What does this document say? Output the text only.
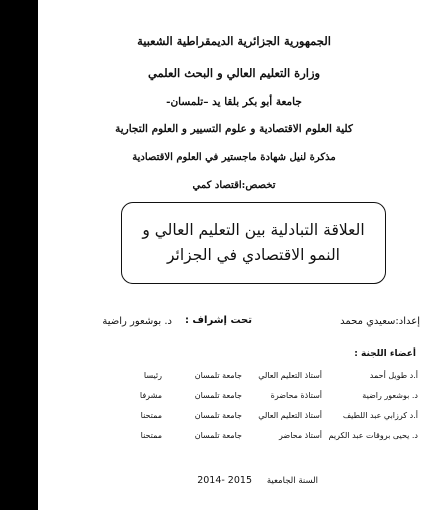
الجمهورية الجزائرية الديمقراطية الشعبية
وزارة التعليم العالي و البحث العلمي
جامعة أبو بكر بلقا يد –تلمسان-
كلية العلوم الاقتصادية و علوم التسيير و العلوم التجارية
مذكرة لنيل شهادة ماجستير في العلوم الاقتصادية
تخصص:اقتصاد كمي
العلاقة التبادلية بين التعليم العالي و
النمو الاقتصادي في الجزائر
إعداد:سعيدي محمد
تحت إشراف :
د. بوشعور راضية
أعضاء اللجنة :
أ.د طويل أحمد
أستاذ التعليم العالي
جامعة تلمسان
رئيسا
د. بوشعور راضية
أستاذة محاضرة
جامعة تلمسان
مشرفا
أ.د كرزابي عبد اللطيف
أستاذ التعليم العالي
جامعة تلمسان
ممتحنا
د. يحيى بروقات عبد الكريم
أستاذ محاضر
جامعة تلمسان
ممتحنا
السنة الجامعية
2014- 2015
